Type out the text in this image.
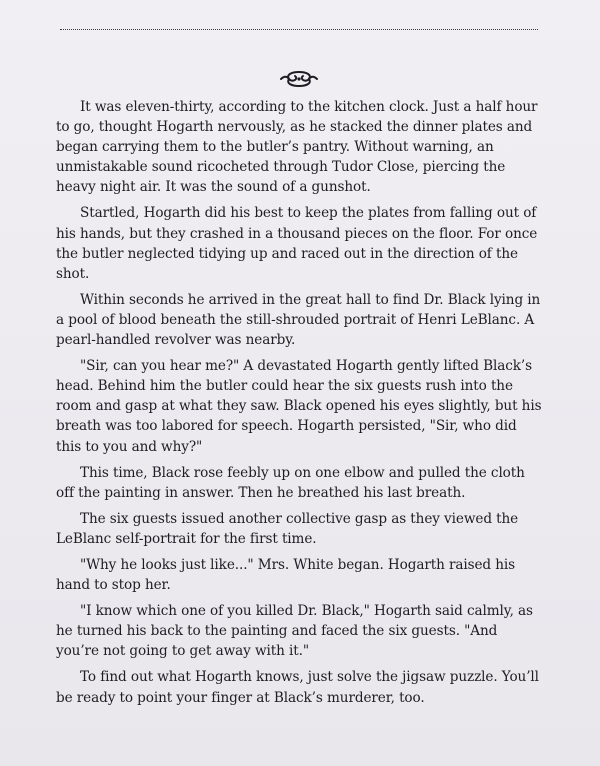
It was eleven-thirty, according to the kitchen clock. Just a half hour to go, thought Hogarth nervously, as he stacked the dinner plates and began carrying them to the butler’s pantry. Without warning, an unmistakable sound ricocheted through Tudor Close, piercing the heavy night air. It was the sound of a gunshot.

Startled, Hogarth did his best to keep the plates from falling out of his hands, but they crashed in a thousand pieces on the floor. For once the butler neglected tidying up and raced out in the direction of the shot.

Within seconds he arrived in the great hall to find Dr. Black lying in a pool of blood beneath the still-shrouded portrait of Henri LeBlanc. A pearl-handled revolver was nearby.

"Sir, can you hear me?" A devastated Hogarth gently lifted Black’s head. Behind him the butler could hear the six guests rush into the room and gasp at what they saw. Black opened his eyes slightly, but his breath was too labored for speech. Hogarth persisted, "Sir, who did this to you and why?"

This time, Black rose feebly up on one elbow and pulled the cloth off the painting in answer. Then he breathed his last breath.

The six guests issued another collective gasp as they viewed the LeBlanc self-portrait for the first time.

"Why he looks just like..." Mrs. White began. Hogarth raised his hand to stop her.

"I know which one of you killed Dr. Black," Hogarth said calmly, as he turned his back to the painting and faced the six guests. "And you’re not going to get away with it."

To find out what Hogarth knows, just solve the jigsaw puzzle. You’ll be ready to point your finger at Black’s murderer, too.
